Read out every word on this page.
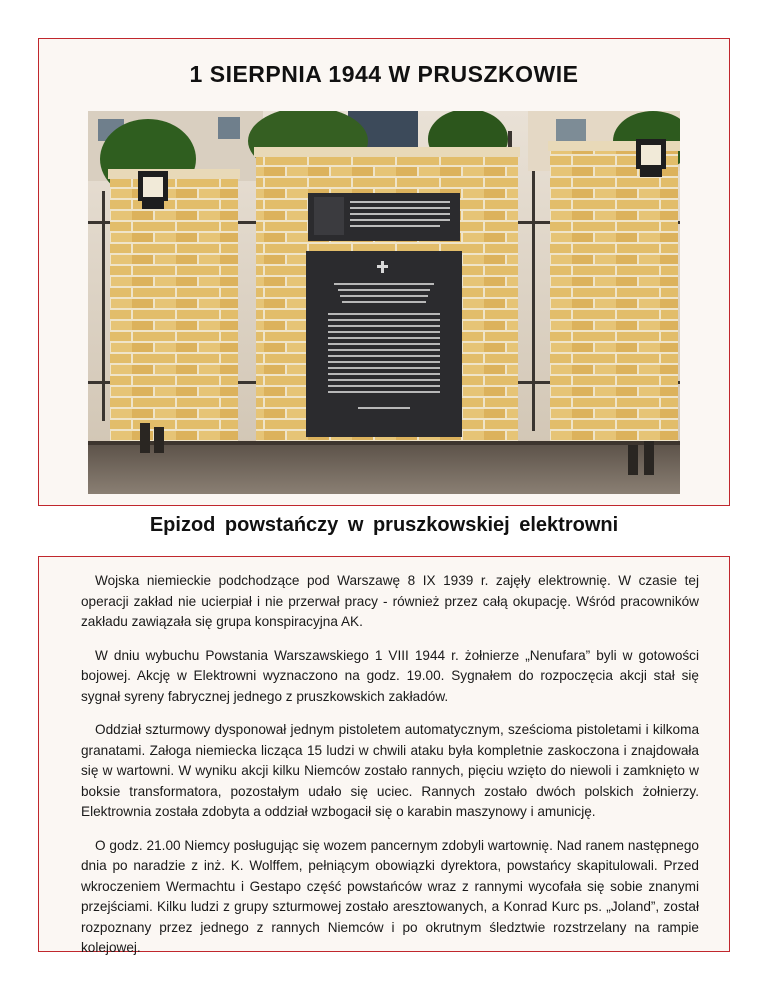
1 SIERPNIA 1944 W PRUSZKOWIE
Epizod powstańczy w pruszkowskiej elektrowni

Wojska niemieckie podchodzące pod Warszawę 8 IX 1939 r. zajęły elektrownię. W czasie tej operacji zakład nie ucierpiał i nie przerwał pracy - również przez całą okupację. Wśród pracowników zakładu zawiązała się grupa konspiracyjna AK.

W dniu wybuchu Powstania Warszawskiego 1 VIII 1944 r. żołnierze „Nenufara” byli w gotowości bojowej. Akcję w Elektrowni wyznaczono na godz. 19.00. Sygnałem do rozpoczęcia akcji stał się sygnał syreny fabrycznej jednego z pruszkowskich zakładów.

Oddział szturmowy dysponował jednym pistoletem automatycznym, sześcioma pistoletami i kilkoma granatami. Załoga niemiecka licząca 15 ludzi w chwili ataku była kompletnie zaskoczona i znajdowała się w wartowni. W wyniku akcji kilku Niemców zostało rannych, pięciu wzięto do niewoli i zamknięto w boksie transformatora, pozostałym udało się uciec. Rannych zostało dwóch polskich żołnierzy. Elektrownia została zdobyta a oddział wzbogacił się o karabin maszynowy i amunicję.

O godz. 21.00 Niemcy posługując się wozem pancernym zdobyli wartownię. Nad ranem następnego dnia po naradzie z inż. K. Wolffem, pełniącym obowiązki dyrektora, powstańcy skapitulowali. Przed wkroczeniem Wermachtu i Gestapo część powstańców wraz z rannymi wycofała się sobie znanymi przejściami. Kilku ludzi z grupy szturmowej zostało aresztowanych, a Konrad Kurc ps. „Joland”, został rozpoznany przez jednego z rannych Niemców i po okrutnym śledztwie rozstrzelany na rampie kolejowej.
